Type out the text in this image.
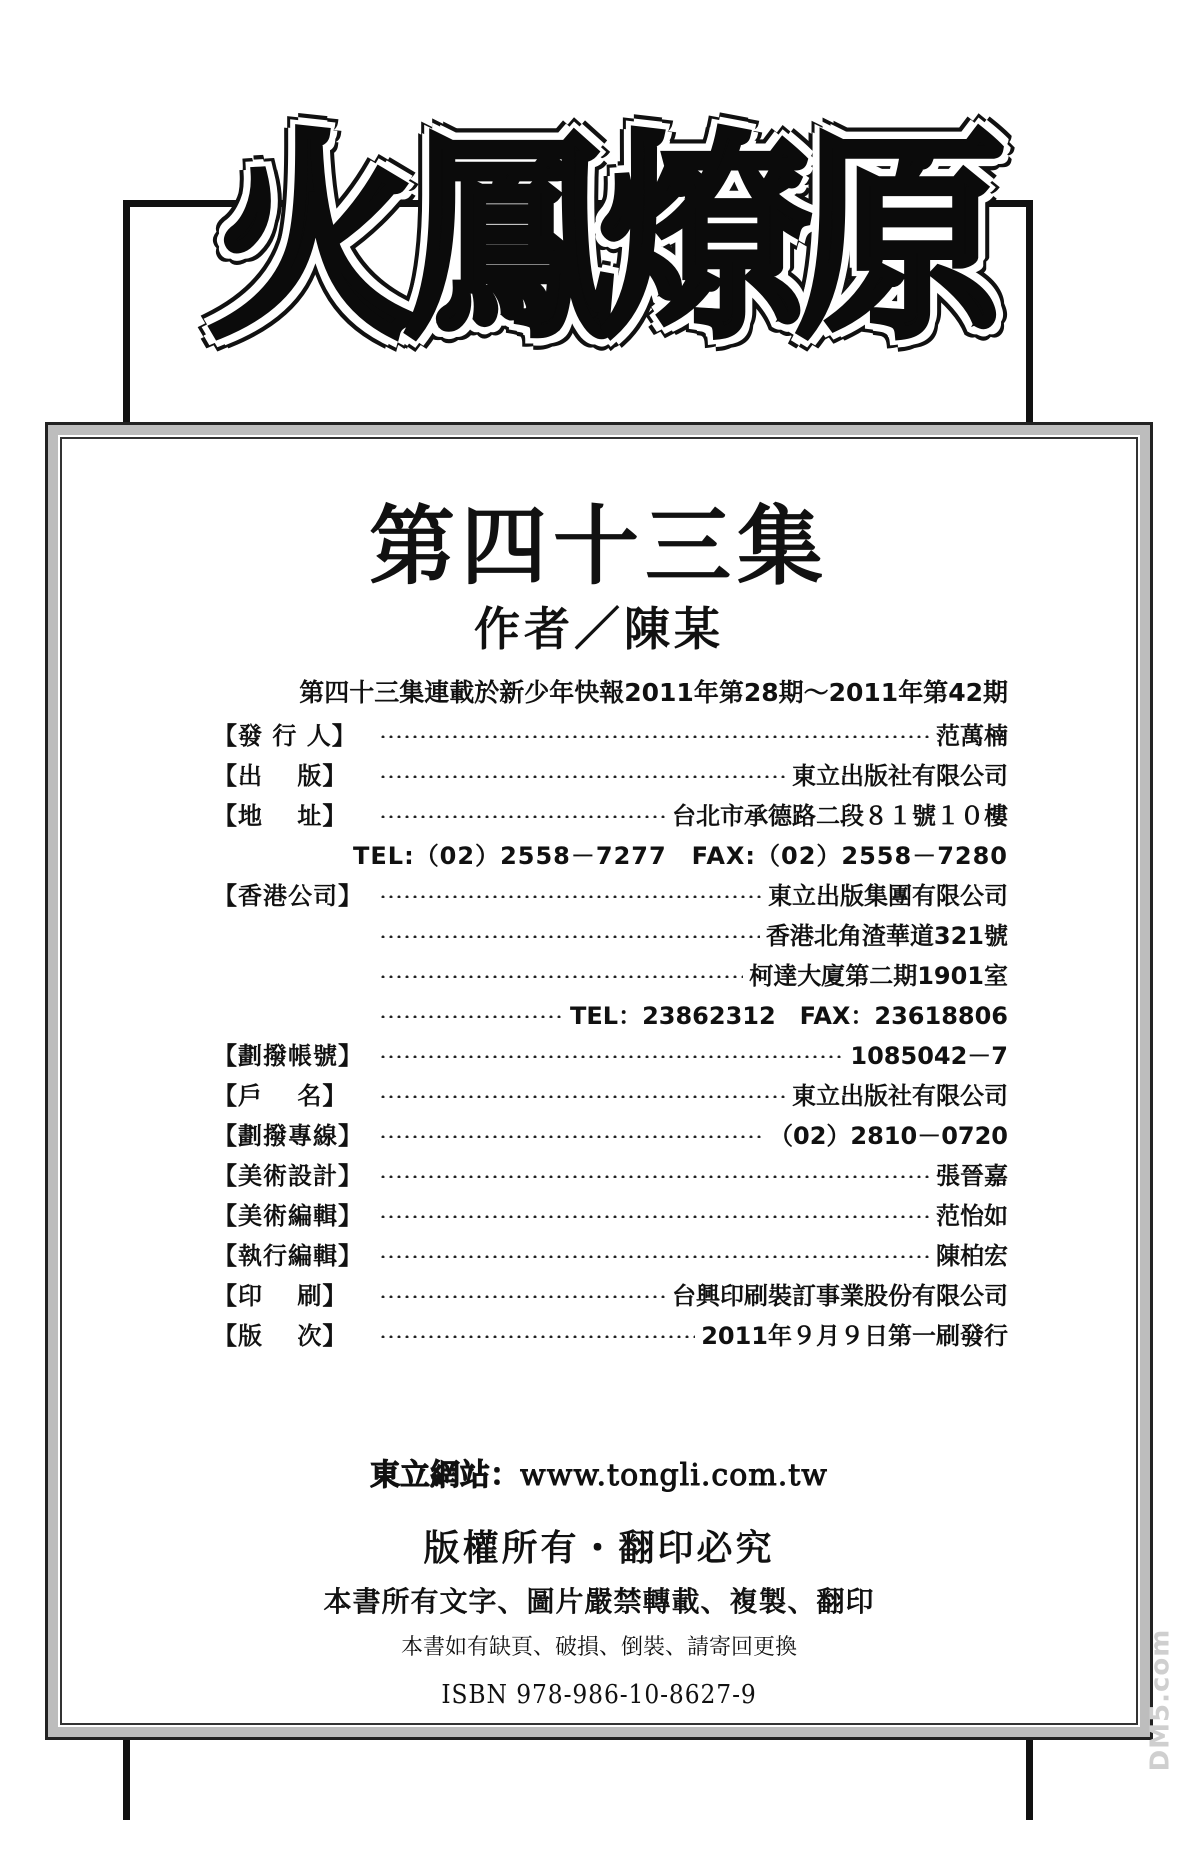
火鳳燎原
第四十三集
作者／陳某
第四十三集連載於新少年快報2011年第28期～2011年第42期
【發 行 人】	范萬楠
【出　 版】	東立出版社有限公司
【地　 址】	台北市承德路二段８１號１０樓
TEL:（02）2558－7277　FAX:（02）2558－7280
【香港公司】	東立出版集團有限公司
香港北角渣華道321號
柯達大廈第二期1901室
TEL：23862312　FAX：23618806
【劃撥帳號】	1085042－7
【戶　 名】	東立出版社有限公司
【劃撥專線】	（02）2810－0720
【美術設計】	張晉嘉
【美術編輯】	范怡如
【執行編輯】	陳柏宏
【印　 刷】	台興印刷裝訂事業股份有限公司
【版　 次】	2011年９月９日第一刷發行
東立網站：www.tongli.com.tw
版權所有・翻印必究
本書所有文字、圖片嚴禁轉載、複製、翻印
本書如有缺頁、破損、倒裝、請寄回更換
ISBN 978-986-10-8627-9	DM5.com
